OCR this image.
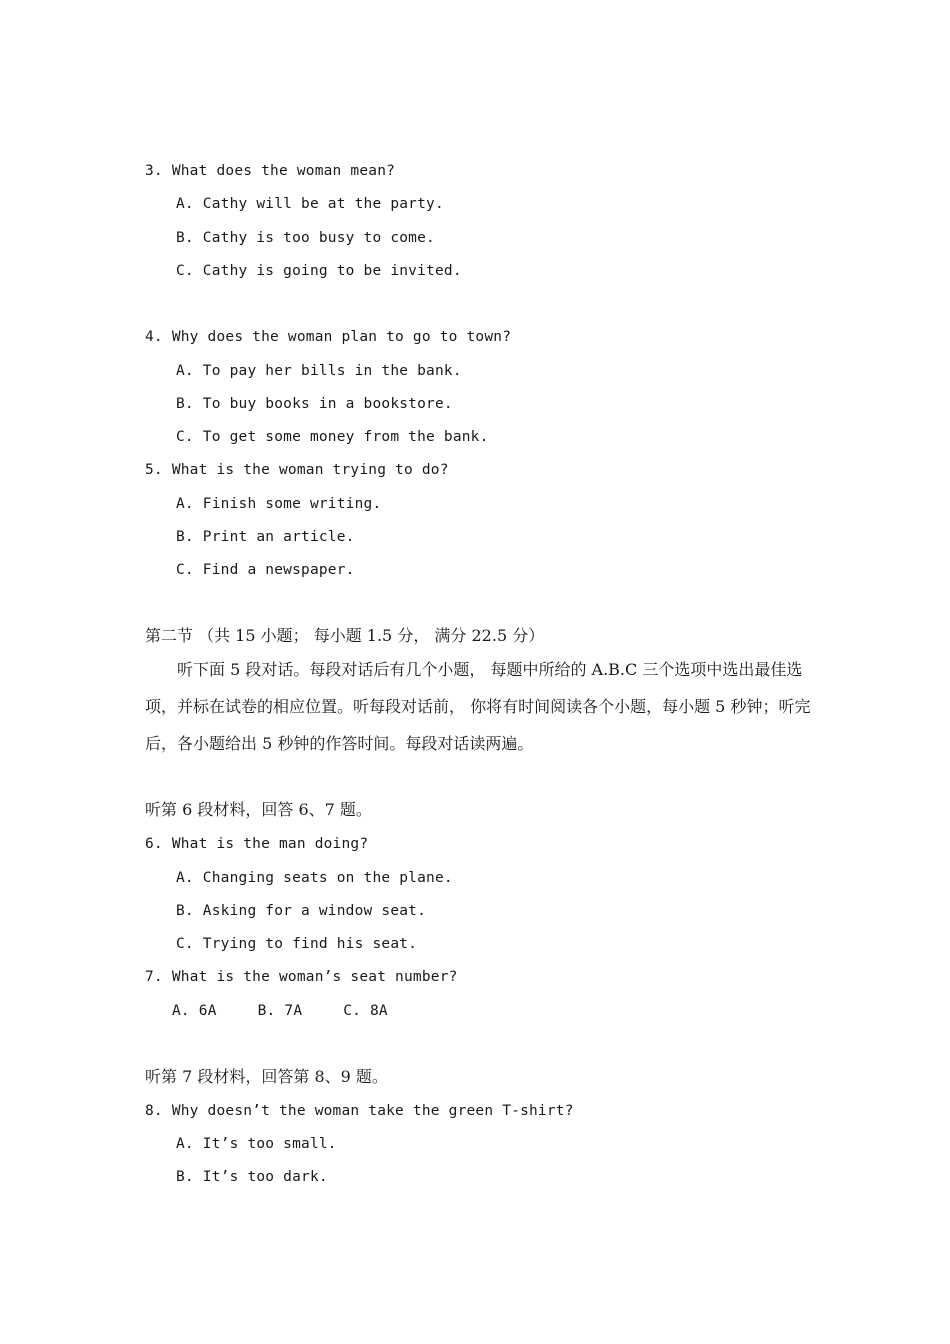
3. What does the woman mean?
A. Cathy will be at the party.
B. Cathy is too busy to come.
C. Cathy is going to be invited.
4. Why does the woman plan to go to town?
A. To pay her bills in the bank.
B. To buy books in a bookstore.
C. To get some money from the bank.
5. What is the woman trying to do?
A. Finish some writing.
B. Print an article.
C. Find a newspaper.
第二节 （共 15 小题； 每小题 1.5 分， 满分 22.5 分）
听下面 5 段对话。每段对话后有几个小题， 每题中所给的 A.B.C 三个选项中选出最佳选
项，并标在试卷的相应位置。听每段对话前， 你将有时间阅读各个小题，每小题 5 秒钟；听完
后，各小题给出 5 秒钟的作答时间。每段对话读两遍。
听第 6 段材料，回答 6、7 题。
6. What is the man doing?
A. Changing seats on the plane.
B. Asking for a window seat.
C. Trying to find his seat.
7. What is the woman’s seat number?
A. 6A	B. 7A	C. 8A
听第 7 段材料，回答第 8、9 题。
8. Why doesn’t the woman take the green T-shirt?
A. It’s too small.
B. It’s too dark.
